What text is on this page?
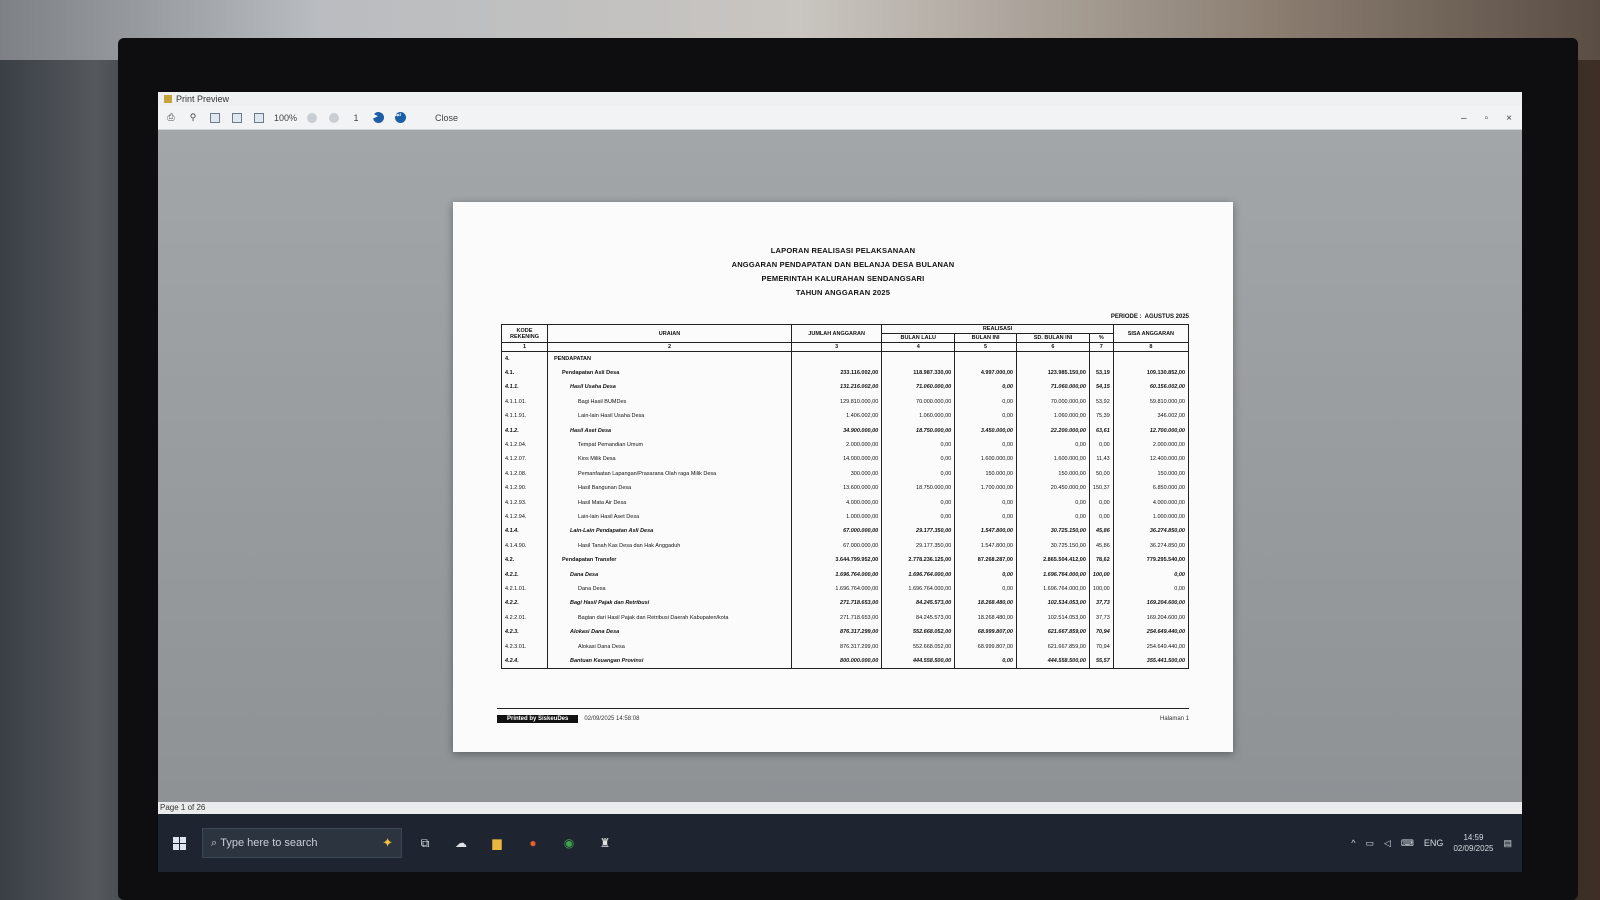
Print Preview
⎙	⚲	100%	1	▶	⏭	Close	– ▫ ×
LAPORAN REALISASI PELAKSANAAN
ANGGARAN PENDAPATAN DAN BELANJA DESA BULANAN
PEMERINTAH KALURAHAN SENDANGSARI
TAHUN ANGGARAN 2025
PERIODE :  AGUSTUS 2025
KODE REKENING	URAIAN	JUMLAH ANGGARAN	REALISASI				SISA ANGGARAN
			BULAN LALU	BULAN INI	SD. BULAN INI	%	
1	2	3	4	5	6	7	8
4.	PENDAPATAN						
4.1.	Pendapatan Asli Desa	233.116.002,00	118.987.330,00	4.997.000,00	123.985.150,00	53,19	109.130.852,00
4.1.1.	Hasil Usaha Desa	131.216.002,00	71.060.000,00	0,00	71.060.000,00	54,15	60.156.002,00
4.1.1.01.	Bagi Hasil BUMDes	129.810.000,00	70.000.000,00	0,00	70.000.000,00	53,92	59.810.000,00
4.1.1.91.	Lain-lain Hasil Usaha Desa	1.406.002,00	1.060.000,00	0,00	1.060.000,00	75,39	346.002,00
4.1.2.	Hasil Aset Desa	34.900.000,00	18.750.000,00	3.450.000,00	22.200.000,00	63,61	12.700.000,00
4.1.2.04.	Tempat Pemandian Umum	2.000.000,00	0,00	0,00	0,00	0,00	2.000.000,00
4.1.2.07.	Kios Milik Desa	14.000.000,00	0,00	1.600.000,00	1.600.000,00	11,43	12.400.000,00
4.1.2.08.	Pemanfaatan Lapangan/Prasarana Olah raga Milik Desa	300.000,00	0,00	150.000,00	150.000,00	50,00	150.000,00
4.1.2.90.	Hasil Bangunan Desa	13.600.000,00	18.750.000,00	1.700.000,00	20.450.000,00	150,37	6.850.000,00
4.1.2.93.	Hasil Mata Air Desa	4.000.000,00	0,00	0,00	0,00	0,00	4.000.000,00
4.1.2.94.	Lain-lain Hasil Aset Desa	1.000.000,00	0,00	0,00	0,00	0,00	1.000.000,00
4.1.4.	Lain-Lain Pendapatan Asli Desa	67.000.000,00	29.177.350,00	1.547.800,00	30.725.150,00	45,86	36.274.850,00
4.1.4.90.	Hasil Tanah Kas Desa dan Hak Anggaduh	67.000.000,00	29.177.350,00	1.547.800,00	30.725.150,00	45,86	36.274.850,00
4.2.	Pendapatan Transfer	3.644.799.952,00	2.778.236.125,00	87.268.287,00	2.865.504.412,00	78,62	779.295.540,00
4.2.1.	Dana Desa	1.696.764.000,00	1.696.764.000,00	0,00	1.696.764.000,00	100,00	0,00
4.2.1.01.	Dana Desa	1.696.764.000,00	1.696.764.000,00	0,00	1.696.764.000,00	100,00	0,00
4.2.2.	Bagi Hasil Pajak dan Retribusi	271.718.653,00	84.245.573,00	18.268.480,00	102.514.053,00	37,73	169.204.600,00
4.2.2.01.	Bagian dari Hasil Pajak dan Retribusi Daerah Kabupaten/kota	271.718.653,00	84.245.573,00	18.268.480,00	102.514.053,00	37,73	169.204.600,00
4.2.3.	Alokasi Dana Desa	876.317.299,00	552.668.052,00	68.999.807,00	621.667.859,00	70,94	254.649.440,00
4.2.3.01.	Alokasi Dana Desa	876.317.299,00	552.668.052,00	68.999.807,00	621.667.859,00	70,94	254.649.440,00
4.2.4.	Bantuan Keuangan Provinsi	800.000.000,00	444.558.500,00	0,00	444.558.500,00	55,57	355.441.500,00
Printed by SiskeuDes	02/09/2025 14:58:08	Halaman 1
Page 1 of 26
⌕ Type here to search	✦	⧉	☁	▆	●	◉	♜	^ ▭ ◁ ⌨ ENG
14:59
02/09/2025
▤
